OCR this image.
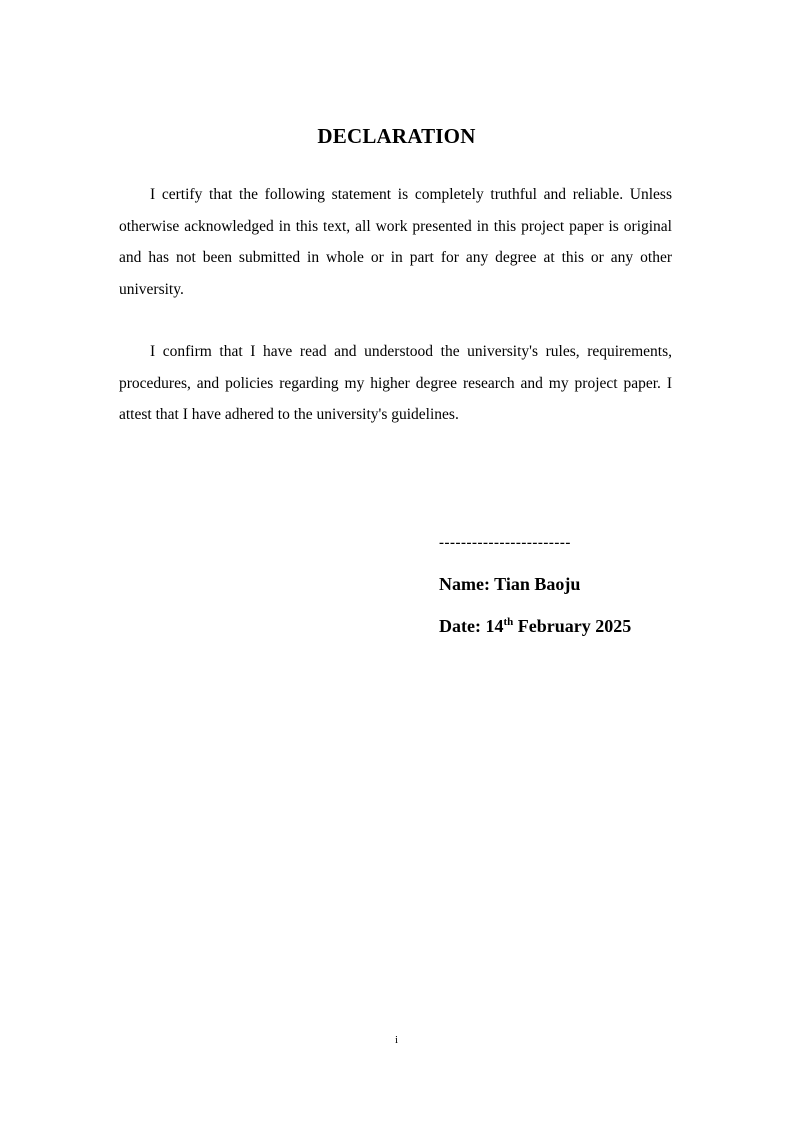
DECLARATION

I certify that the following statement is completely truthful and reliable. Unless otherwise acknowledged in this text, all work presented in this project paper is original and has not been submitted in whole or in part for any degree at this or any other university.

I confirm that I have read and understood the university's rules, requirements, procedures, and policies regarding my higher degree research and my project paper. I attest that I have adhered to the university's guidelines.

------------------------
Name: Tian Baoju
Date: 14th February 2025
i
